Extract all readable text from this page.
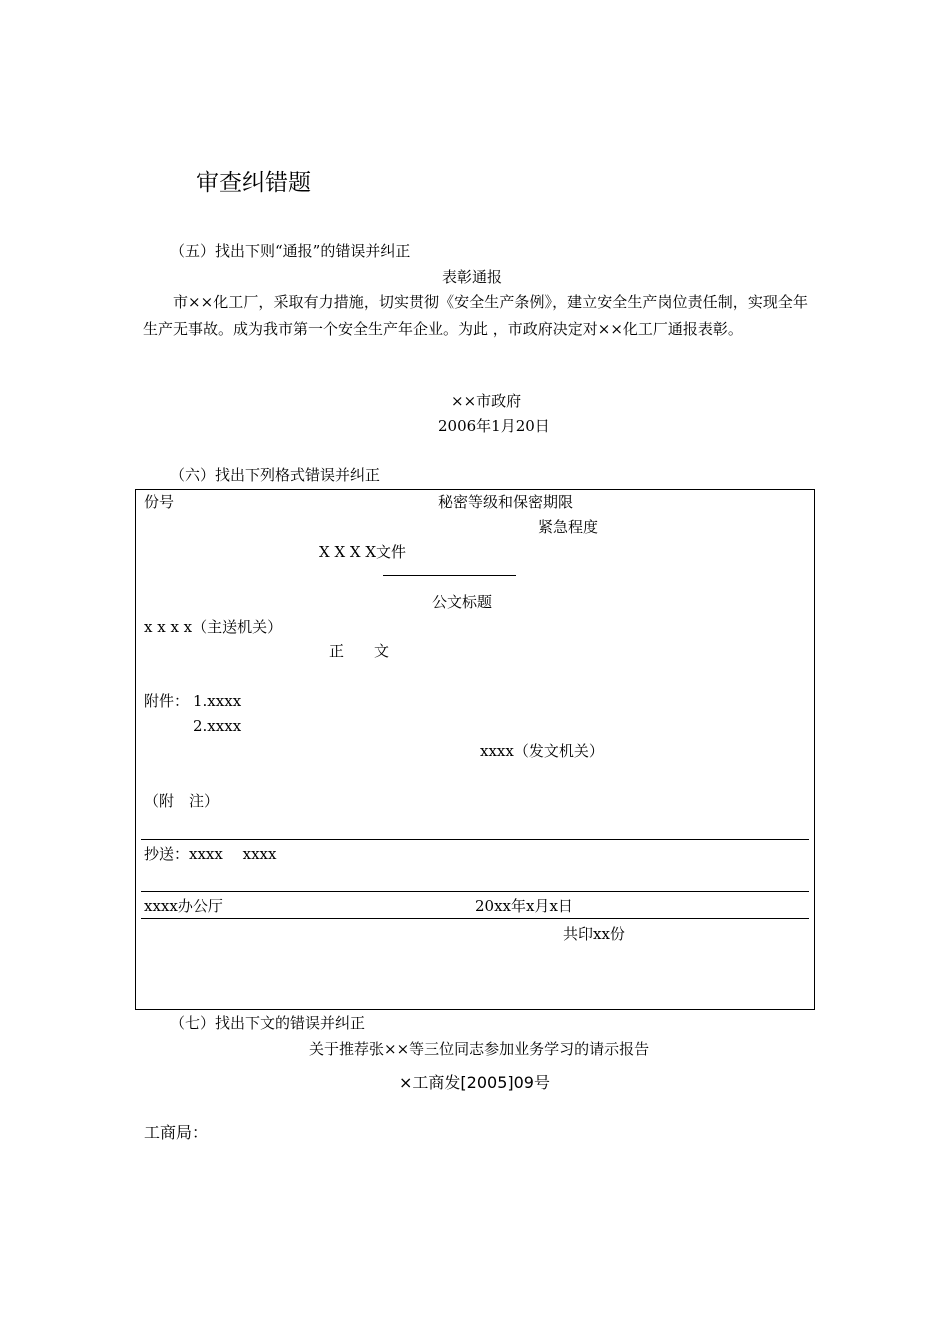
审查纠错题
（五）找出下则“通报”的错误并纠正
表彰通报
市××化工厂，采取有力措施，切实贯彻《安全生产条例》，建立安全生产岗位责任制，实现全年生产无事故。成为我市第一个安全生产年企业。为此 ，市政府决定对××化工厂通报表彰。
××市政府
2006年1月20日
（六）找出下列格式错误并纠正
份号	秘密等级和保密期限
紧急程度
X X X X文件
公文标题
x x x x（主送机关）
正　　文
附件： 1.xxxx
2.xxxx
xxxx（发文机关）
（附　注）
抄送：xxxx　 xxxx
xxxx办公厅	20xx年x月x日
共印xx份
（七）找出下文的错误并纠正
关于推荐张××等三位同志参加业务学习的请示报告
×工商发[2005]09号
工商局：
